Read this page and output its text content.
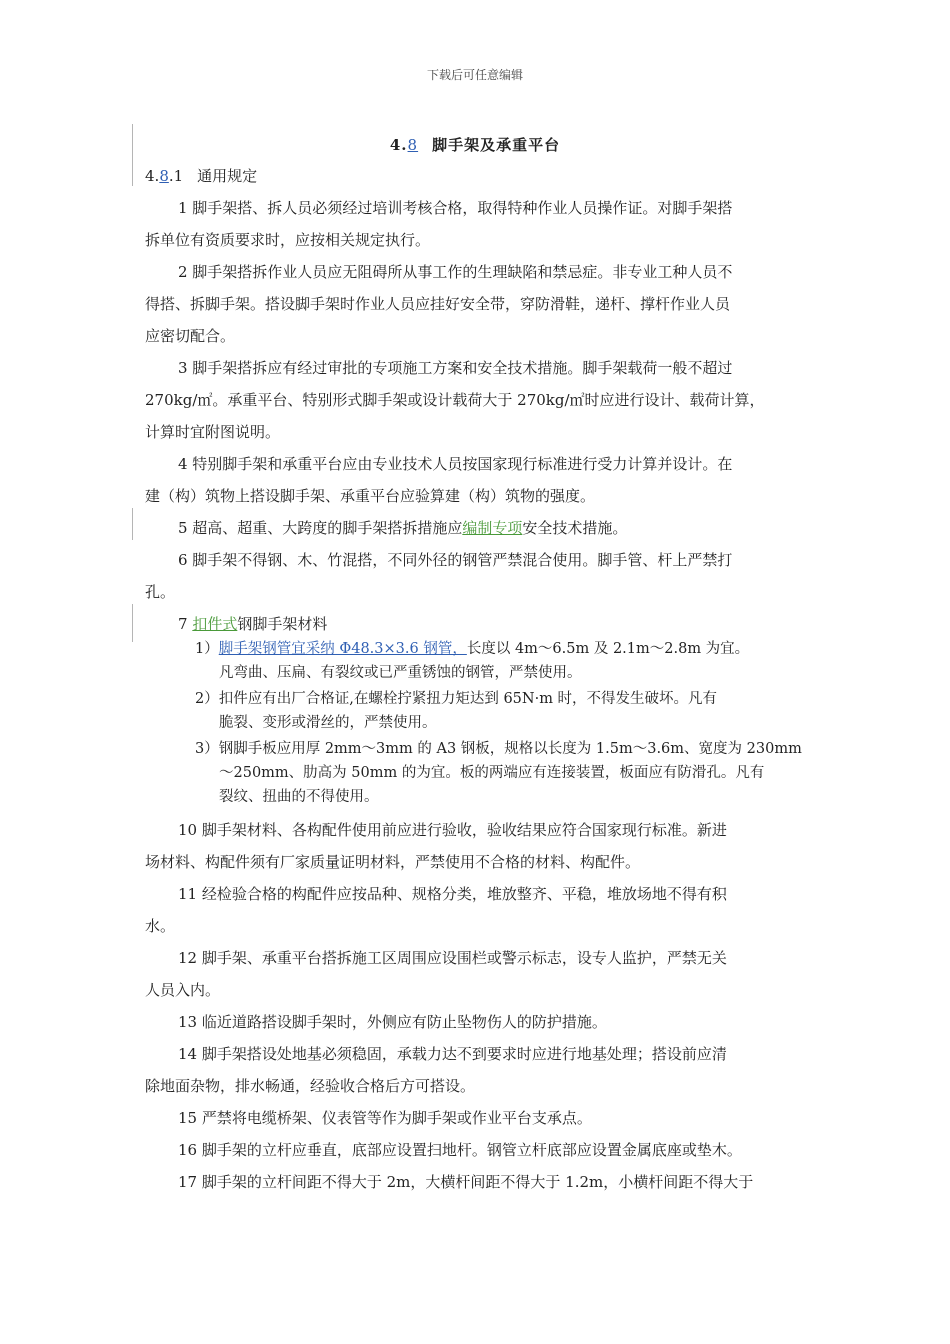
下载后可任意编辑
4.8 脚手架及承重平台
4.8.1 通用规定
1 脚手架搭、拆人员必须经过培训考核合格，取得特种作业人员操作证。对脚手架搭
拆单位有资质要求时，应按相关规定执行。
2 脚手架搭拆作业人员应无阻碍所从事工作的生理缺陷和禁忌症。非专业工种人员不
得搭、拆脚手架。搭设脚手架时作业人员应挂好安全带，穿防滑鞋，递杆、撑杆作业人员
应密切配合。
3 脚手架搭拆应有经过审批的专项施工方案和安全技术措施。脚手架载荷一般不超过
270kg/㎡。承重平台、特别形式脚手架或设计载荷大于 270kg/㎡时应进行设计、载荷计算，
计算时宜附图说明。
4 特别脚手架和承重平台应由专业技术人员按国家现行标准进行受力计算并设计。在
建（构）筑物上搭设脚手架、承重平台应验算建（构）筑物的强度。
5 超高、超重、大跨度的脚手架搭拆措施应编制专项安全技术措施。
6 脚手架不得钢、木、竹混搭，不同外径的钢管严禁混合使用。脚手管、杆上严禁打
孔。
7 扣件式钢脚手架材料
1）脚手架钢管宜采纳 Φ48.3×3.6 钢管，长度以 4m～6.5m 及 2.1m～2.8m 为宜。
凡弯曲、压扁、有裂纹或已严重锈蚀的钢管，严禁使用。
2）扣件应有出厂合格证,在螺栓拧紧扭力矩达到 65N·m 时，不得发生破坏。凡有
脆裂、变形或滑丝的，严禁使用。
3）钢脚手板应用厚 2mm～3mm 的 A3 钢板，规格以长度为 1.5m～3.6m、宽度为 230mm
～250mm、肋高为 50mm 的为宜。板的两端应有连接装置，板面应有防滑孔。凡有
裂纹、扭曲的不得使用。
10 脚手架材料、各构配件使用前应进行验收，验收结果应符合国家现行标准。新进
场材料、构配件须有厂家质量证明材料，严禁使用不合格的材料、构配件。
11 经检验合格的构配件应按品种、规格分类，堆放整齐、平稳，堆放场地不得有积
水。
12 脚手架、承重平台搭拆施工区周围应设围栏或警示标志，设专人监护，严禁无关
人员入内。
13 临近道路搭设脚手架时，外侧应有防止坠物伤人的防护措施。
14 脚手架搭设处地基必须稳固，承载力达不到要求时应进行地基处理；搭设前应清
除地面杂物，排水畅通，经验收合格后方可搭设。
15 严禁将电缆桥架、仪表管等作为脚手架或作业平台支承点。
16 脚手架的立杆应垂直，底部应设置扫地杆。钢管立杆底部应设置金属底座或垫木。
17 脚手架的立杆间距不得大于 2m，大横杆间距不得大于 1.2m，小横杆间距不得大于
